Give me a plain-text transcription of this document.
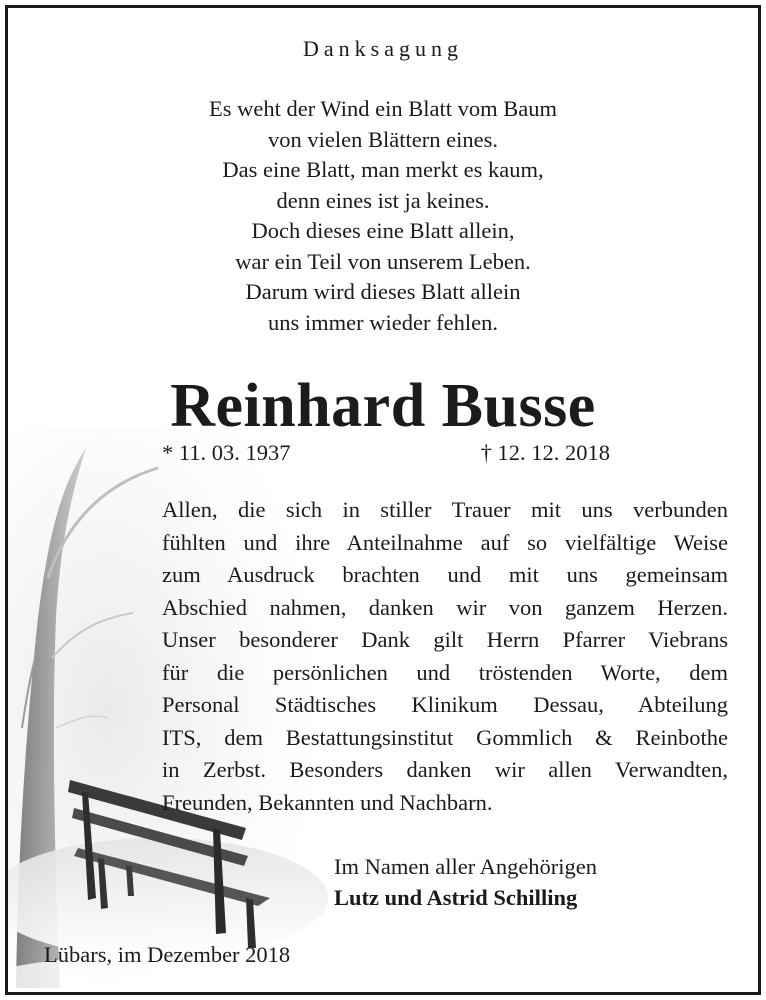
Danksagung
Es weht der Wind ein Blatt vom Baum
von vielen Blättern eines.
Das eine Blatt, man merkt es kaum,
denn eines ist ja keines.
Doch dieses eine Blatt allein,
war ein Teil von unserem Leben.
Darum wird dieses Blatt allein
uns immer wieder fehlen.
Reinhard Busse
* 11. 03. 1937	† 12. 12. 2018
Allen, die sich in stiller Trauer mit uns verbunden
fühlten und ihre Anteilnahme auf so vielfältige Weise
zum Ausdruck brachten und mit uns gemeinsam
Abschied nahmen, danken wir von ganzem Herzen.
Unser besonderer Dank gilt Herrn Pfarrer Viebrans
für die persönlichen und tröstenden Worte, dem
Personal Städtisches Klinikum Dessau, Abteilung
ITS, dem Bestattungsinstitut Gommlich & Reinbothe
in Zerbst. Besonders danken wir allen Verwandten,
Freunden, Bekannten und Nachbarn.
Im Namen aller Angehörigen
Lutz und Astrid Schilling
Lübars, im Dezember 2018
